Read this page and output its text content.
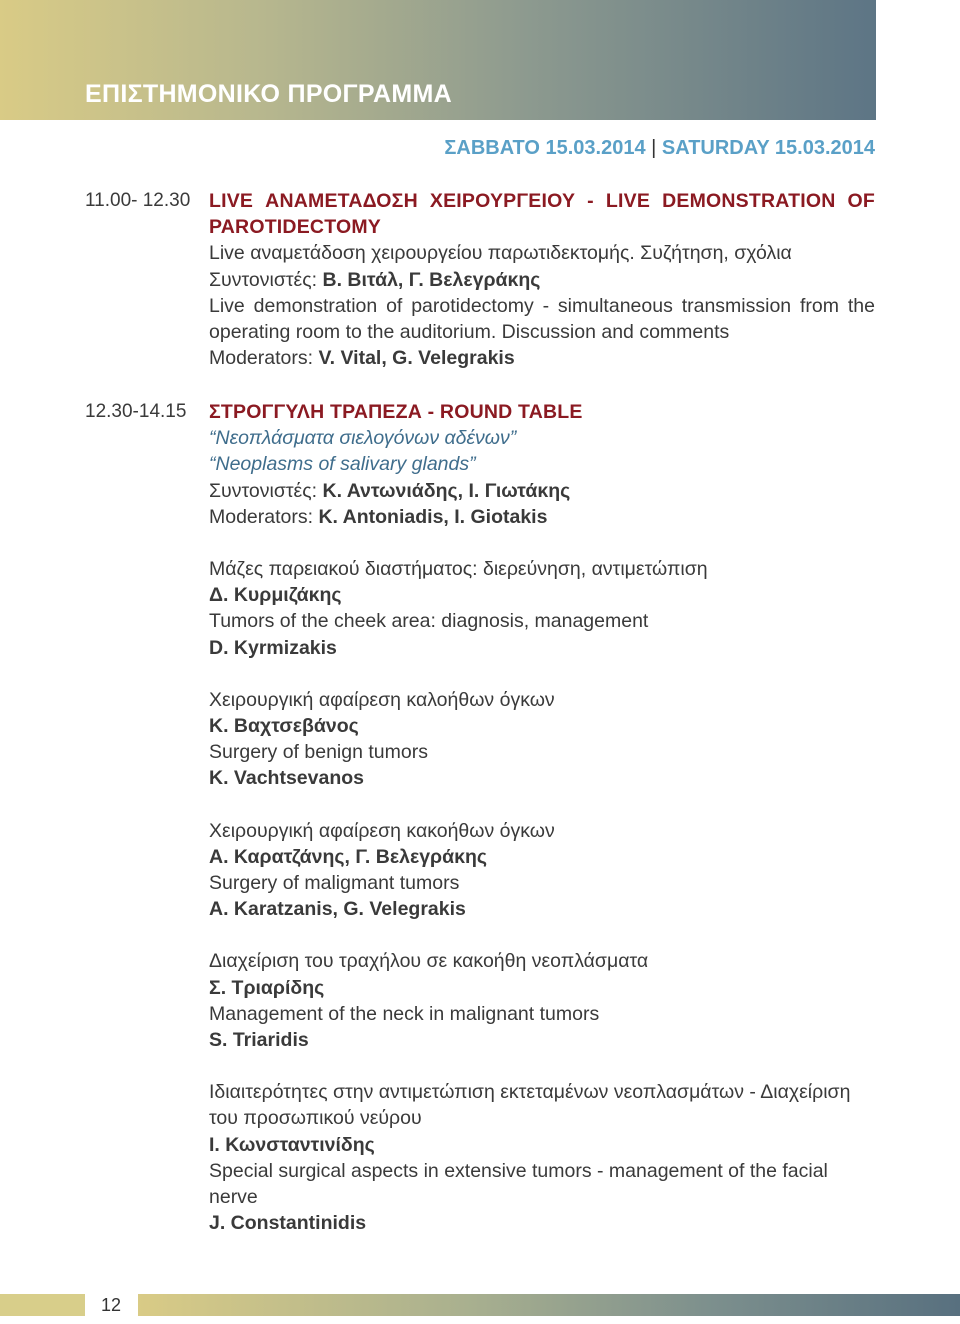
ΕΠΙΣΤΗΜΟΝΙΚΟ ΠΡΟΓΡΑΜΜΑ
ΣΑΒΒΑΤΟ 15.03.2014 | SATURDAY 15.03.2014
11.00- 12.30 LIVE ΑΝΑΜΕΤΑΔΟΣΗ ΧΕΙΡΟΥΡΓΕΙΟΥ - LIVE DEMONSTRATION OF PAROTIDECTOMY
Live αναμετάδοση χειρουργείου παρωτιδεκτομής. Συζήτηση, σχόλια
Συντονιστές: Β. Βιτάλ, Γ. Βελεγράκης
Live demonstration of parotidectomy - simultaneous transmission from the operating room to the auditorium. Discussion and comments
Moderators: V. Vital, G. Velegrakis
12.30-14.15	ΣΤΡΟΓΓΥΛΗ ΤΡΑΠΕΖΑ - ROUND TABLE
“Νεοπλάσματα σιελογόνων αδένων”
“Neoplasms of salivary glands”
Συντονιστές: Κ. Αντωνιάδης, Ι. Γιωτάκης
Moderators: K. Antoniadis, I. Giotakis
Μάζες παρειακού διαστήματος: διερεύνηση, αντιμετώπιση
Δ. Κυρμιζάκης
Tumors of the cheek area: diagnosis, management
D. Kyrmizakis
Χειρουργική αφαίρεση καλοήθων όγκων
Κ. Βαχτσεβάνος
Surgery of benign tumors
K. Vachtsevanos
Χειρουργική αφαίρεση κακοήθων όγκων
Α. Καρατζάνης, Γ. Βελεγράκης
Surgery of maligmant tumors
A. Karatzanis, G. Velegrakis
Διαχείριση του τραχήλου σε κακοήθη νεοπλάσματα
Σ. Τριαρίδης
Management of the neck in malignant tumors
S. Triaridis
Ιδιαιτερότητες στην αντιμετώπιση εκτεταμένων νεοπλασμάτων - Διαχείριση του προσωπικού νεύρου
Ι. Κωνσταντινίδης
Special surgical aspects in extensive tumors - management of the facial nerve
J. Constantinidis
12
